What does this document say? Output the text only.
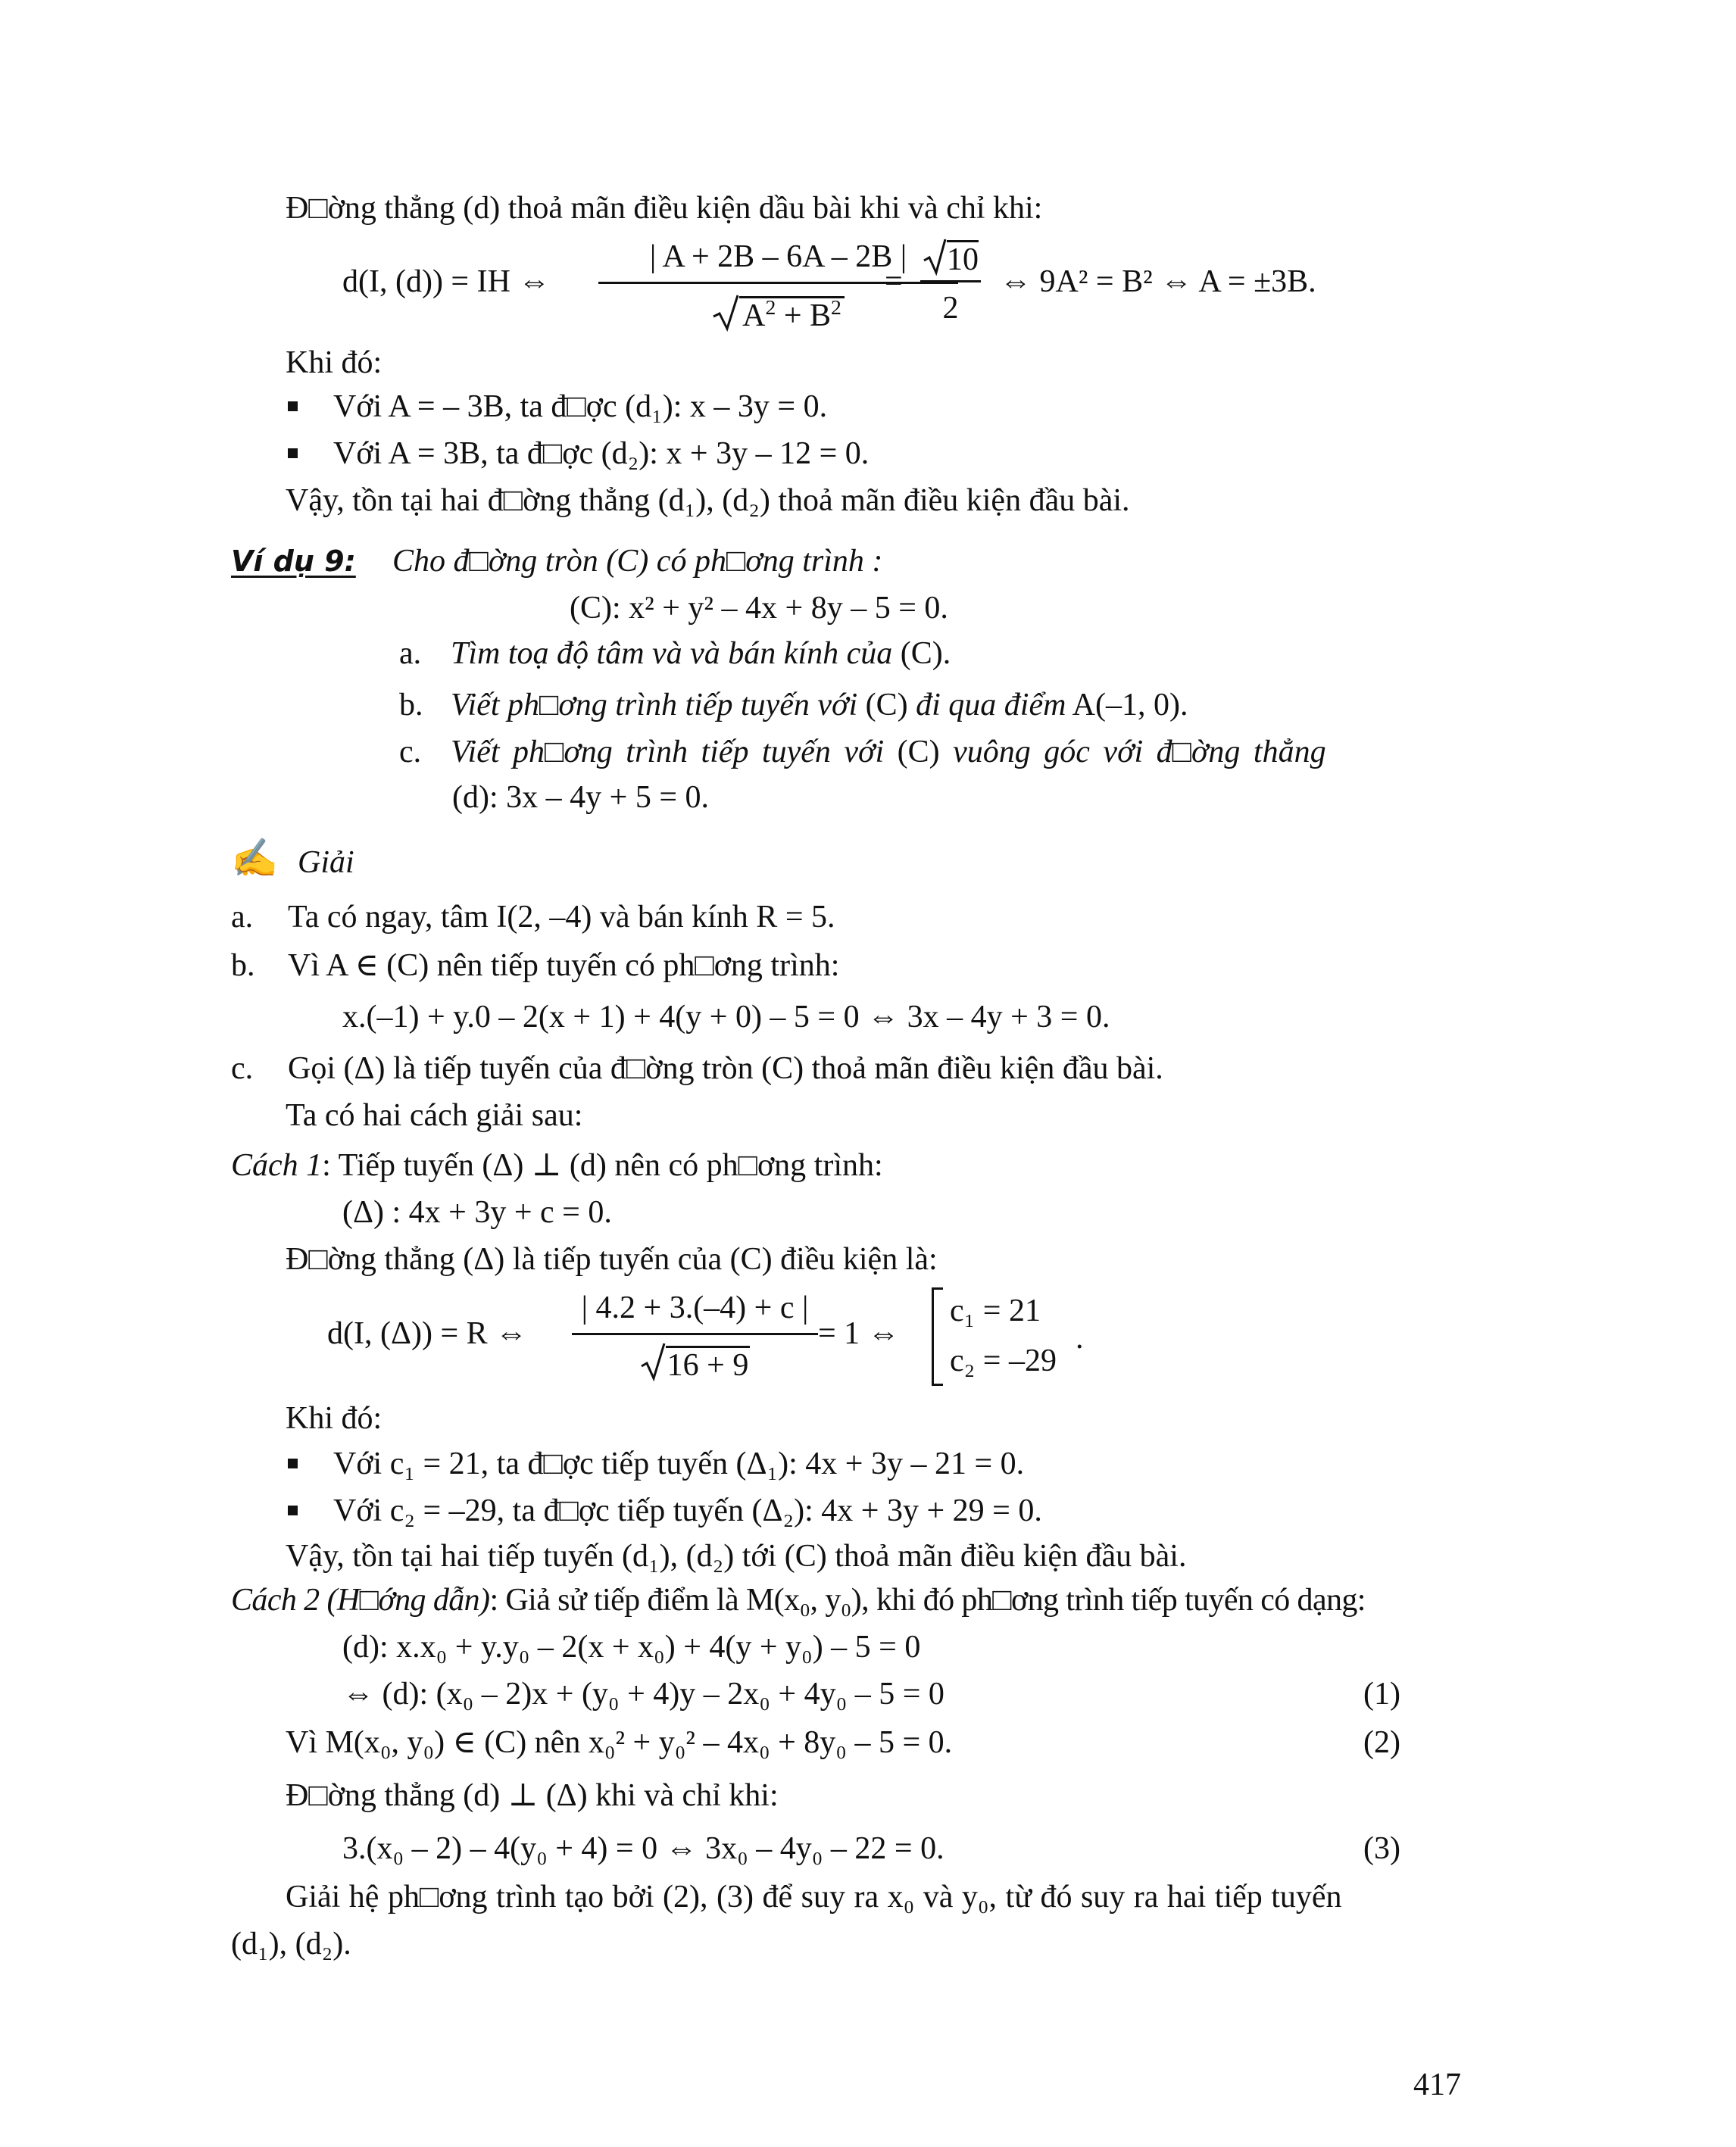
Đ□ờng thẳng (d) thoả mãn điều kiện dầu bài khi và chỉ khi:
d(I, (d)) = IH ⇔
| A + 2B – 6A – 2B |
$A^2 + B^2$
=
10
2
⇔ 9A² = B² ⇔ A = ±3B.
Khi đó:
Với A = – 3B, ta đ□ợc (d₁): x – 3y = 0.
Với A = 3B, ta đ□ợc (d₂): x + 3y – 12 = 0.
Vậy, tồn tại hai đ□ờng thẳng (d₁), (d₂) thoả mãn điều kiện đầu bài.
Ví dụ 9: Cho đ□ờng tròn (C) có ph□ơng trình :
(C): x² + y² – 4x + 8y – 5 = 0.
a. Tìm toạ độ tâm và và bán kính của (C).
b. Viết ph□ơng trình tiếp tuyến với (C) đi qua điểm A(–1, 0).
c. Viết ph□ơng trình tiếp tuyến với (C) vuông góc với đ□ờng thẳng
(d): 3x – 4y + 5 = 0.
✍ Giải
a. Ta có ngay, tâm I(2, –4) và bán kính R = 5.
b. Vì A ∈ (C) nên tiếp tuyến có ph□ơng trình:
x.(–1) + y.0 – 2(x + 1) + 4(y + 0) – 5 = 0 ⇔ 3x – 4y + 3 = 0.
c. Gọi (Δ) là tiếp tuyến của đ□ờng tròn (C) thoả mãn điều kiện đầu bài.
Ta có hai cách giải sau:
Cách 1: Tiếp tuyến (Δ) ⊥ (d) nên có ph□ơng trình:
(Δ) : 4x + 3y + c = 0.
Đ□ờng thẳng (Δ) là tiếp tuyến của (C) điều kiện là:
d(I, (Δ)) = R ⇔
| 4.2 + 3.(–4) + c |
16 + 9
= 1 ⇔
c₁ = 21
c₂ = –29
.
Khi đó:
Với c₁ = 21, ta đ□ợc tiếp tuyến (Δ₁): 4x + 3y – 21 = 0.
Với c₂ = –29, ta đ□ợc tiếp tuyến (Δ₂): 4x + 3y + 29 = 0.
Vậy, tồn tại hai tiếp tuyến (d₁), (d₂) tới (C) thoả mãn điều kiện đầu bài.
Cách 2 (H□ớng dẫn): Giả sử tiếp điểm là M(x₀, y₀), khi đó ph□ơng trình tiếp tuyến có dạng:
(d): x.x₀ + y.y₀ – 2(x + x₀) + 4(y + y₀) – 5 = 0
⇔ (d): (x₀ – 2)x + (y₀ + 4)y – 2x₀ + 4y₀ – 5 = 0	(1)
Vì M(x₀, y₀) ∈ (C) nên x₀² + y₀² – 4x₀ + 8y₀ – 5 = 0.	(2)
Đ□ờng thẳng (d) ⊥ (Δ) khi và chỉ khi:
3.(x₀ – 2) – 4(y₀ + 4) = 0 ⇔ 3x₀ – 4y₀ – 22 = 0.	(3)
Giải hệ ph□ơng trình tạo bởi (2), (3) để suy ra x₀ và y₀, từ đó suy ra hai tiếp tuyến
(d₁), (d₂).
417
